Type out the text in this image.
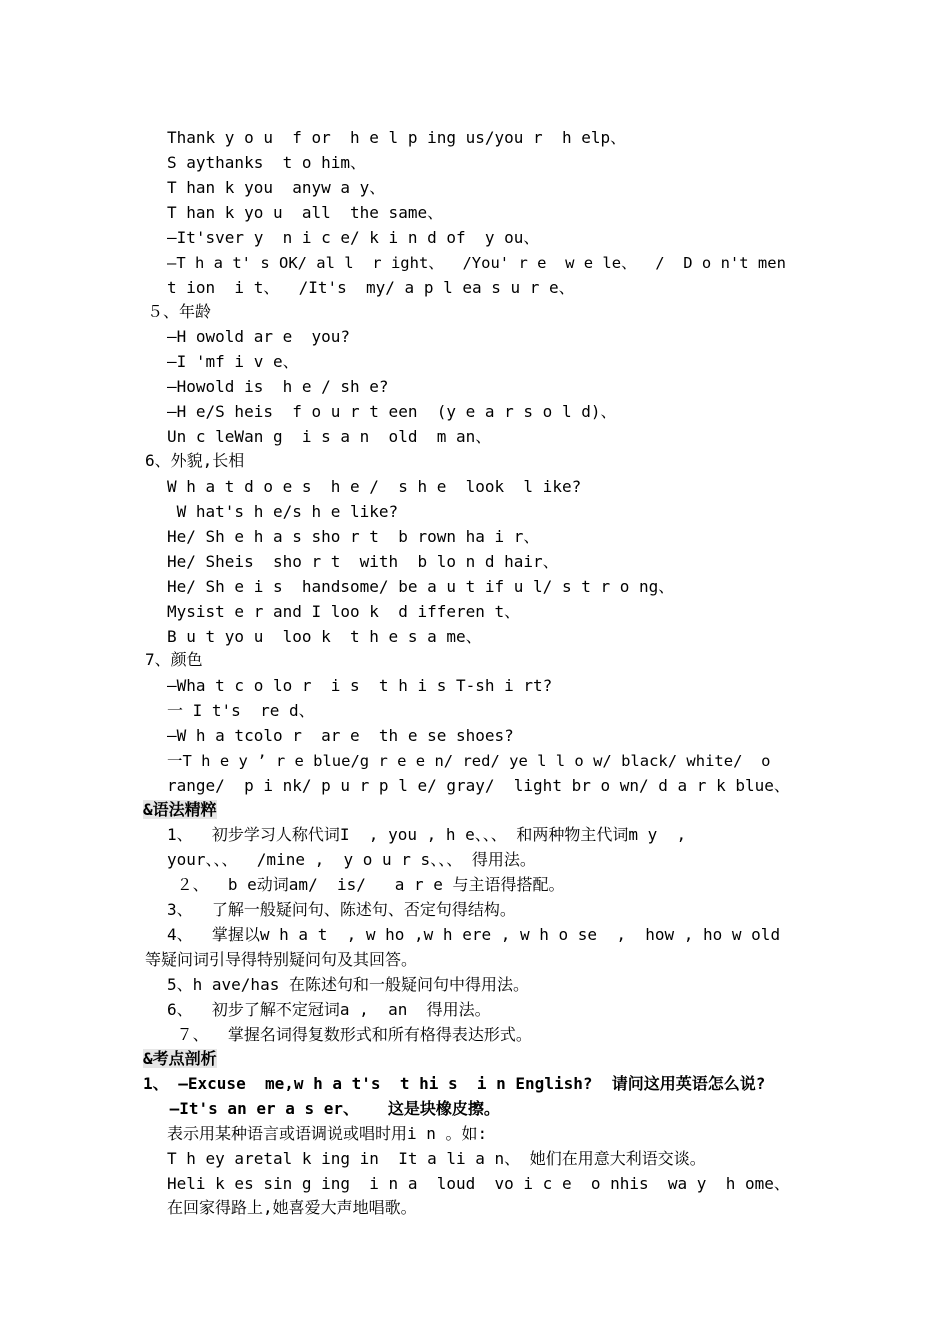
Thank y o u  f or  h e l p ing us/you r  h elp、
S aythanks  t o him、
T han k you  anyw a y、
T han k yo u  all  the same、
—It'sver y  n i c e/ k i n d of  y ou、
—T h a t' s OK/ al l  r ight、  /You' r e  w e le、  /  D o n't men
t ion  i t、  /It's  my/ a p l ea s u r e、
５、年龄
—H owold ar e  you?
—I 'mf i v e、
—Howold is  h e / sh e?
—H e/S heis  f o u r t een  (y e a r s o l d)、
Un c leWan g  i s a n  old  m an、
6、外貌,长相
W h a t d o e s  h e /  s h e  look  l ike?
W hat's h e/s h e like?
He/ Sh e h a s sho r t  b rown ha i r、
He/ Sheis  sho r t  with  b lo n d hair、
He/ Sh e i s  handsome/ be a u t if u l/ s t r o ng、
Mysist e r and I loo k  d ifferen t、
B u t yo u  loo k  t h e s a me、
7、颜色
—Wha t c o lo r  i s  t h i s T-sh i rt?
一 I t's  re d、
—W h a tcolo r  ar e  th e se shoes?
一T h e y ’ r e blue/g r e e n/ red/ ye l l o w/ black/ white/  o
range/  p i nk/ p u r p l e/ gray/  light br o wn/ d a r k blue、
&语法精粹
1、  初步学习人称代词I  , you , h e、、、 和两种物主代词m y  ,
your、、、  /mine ,  y o u r s、、、 得用法。
２、  b e动词am/  is/   a r e 与主语得搭配。
3、  了解一般疑问句、陈述句、否定句得结构。
4、  掌握以w h a t  , w ho ,w h ere , w h o se  ,  how , ho w old
等疑问词引导得特别疑问句及其回答。
5、h ave/has 在陈述句和一般疑问句中得用法。
6、  初步了解不定冠词a ,  an  得用法。
７、  掌握名词得复数形式和所有格得表达形式。
&考点剖析
1、 —Excuse  me,w h a t's  t hi s  i n English?  请问这用英语怎么说?
—It's an er a s er、   这是块橡皮擦。
表示用某种语言或语调说或唱时用i n 。如:
T h ey aretal k ing in  It a li a n、 她们在用意大利语交谈。
Heli k es sin g ing  i n a  loud  vo i c e  o nhis  wa y  h ome、
在回家得路上,她喜爱大声地唱歌。
